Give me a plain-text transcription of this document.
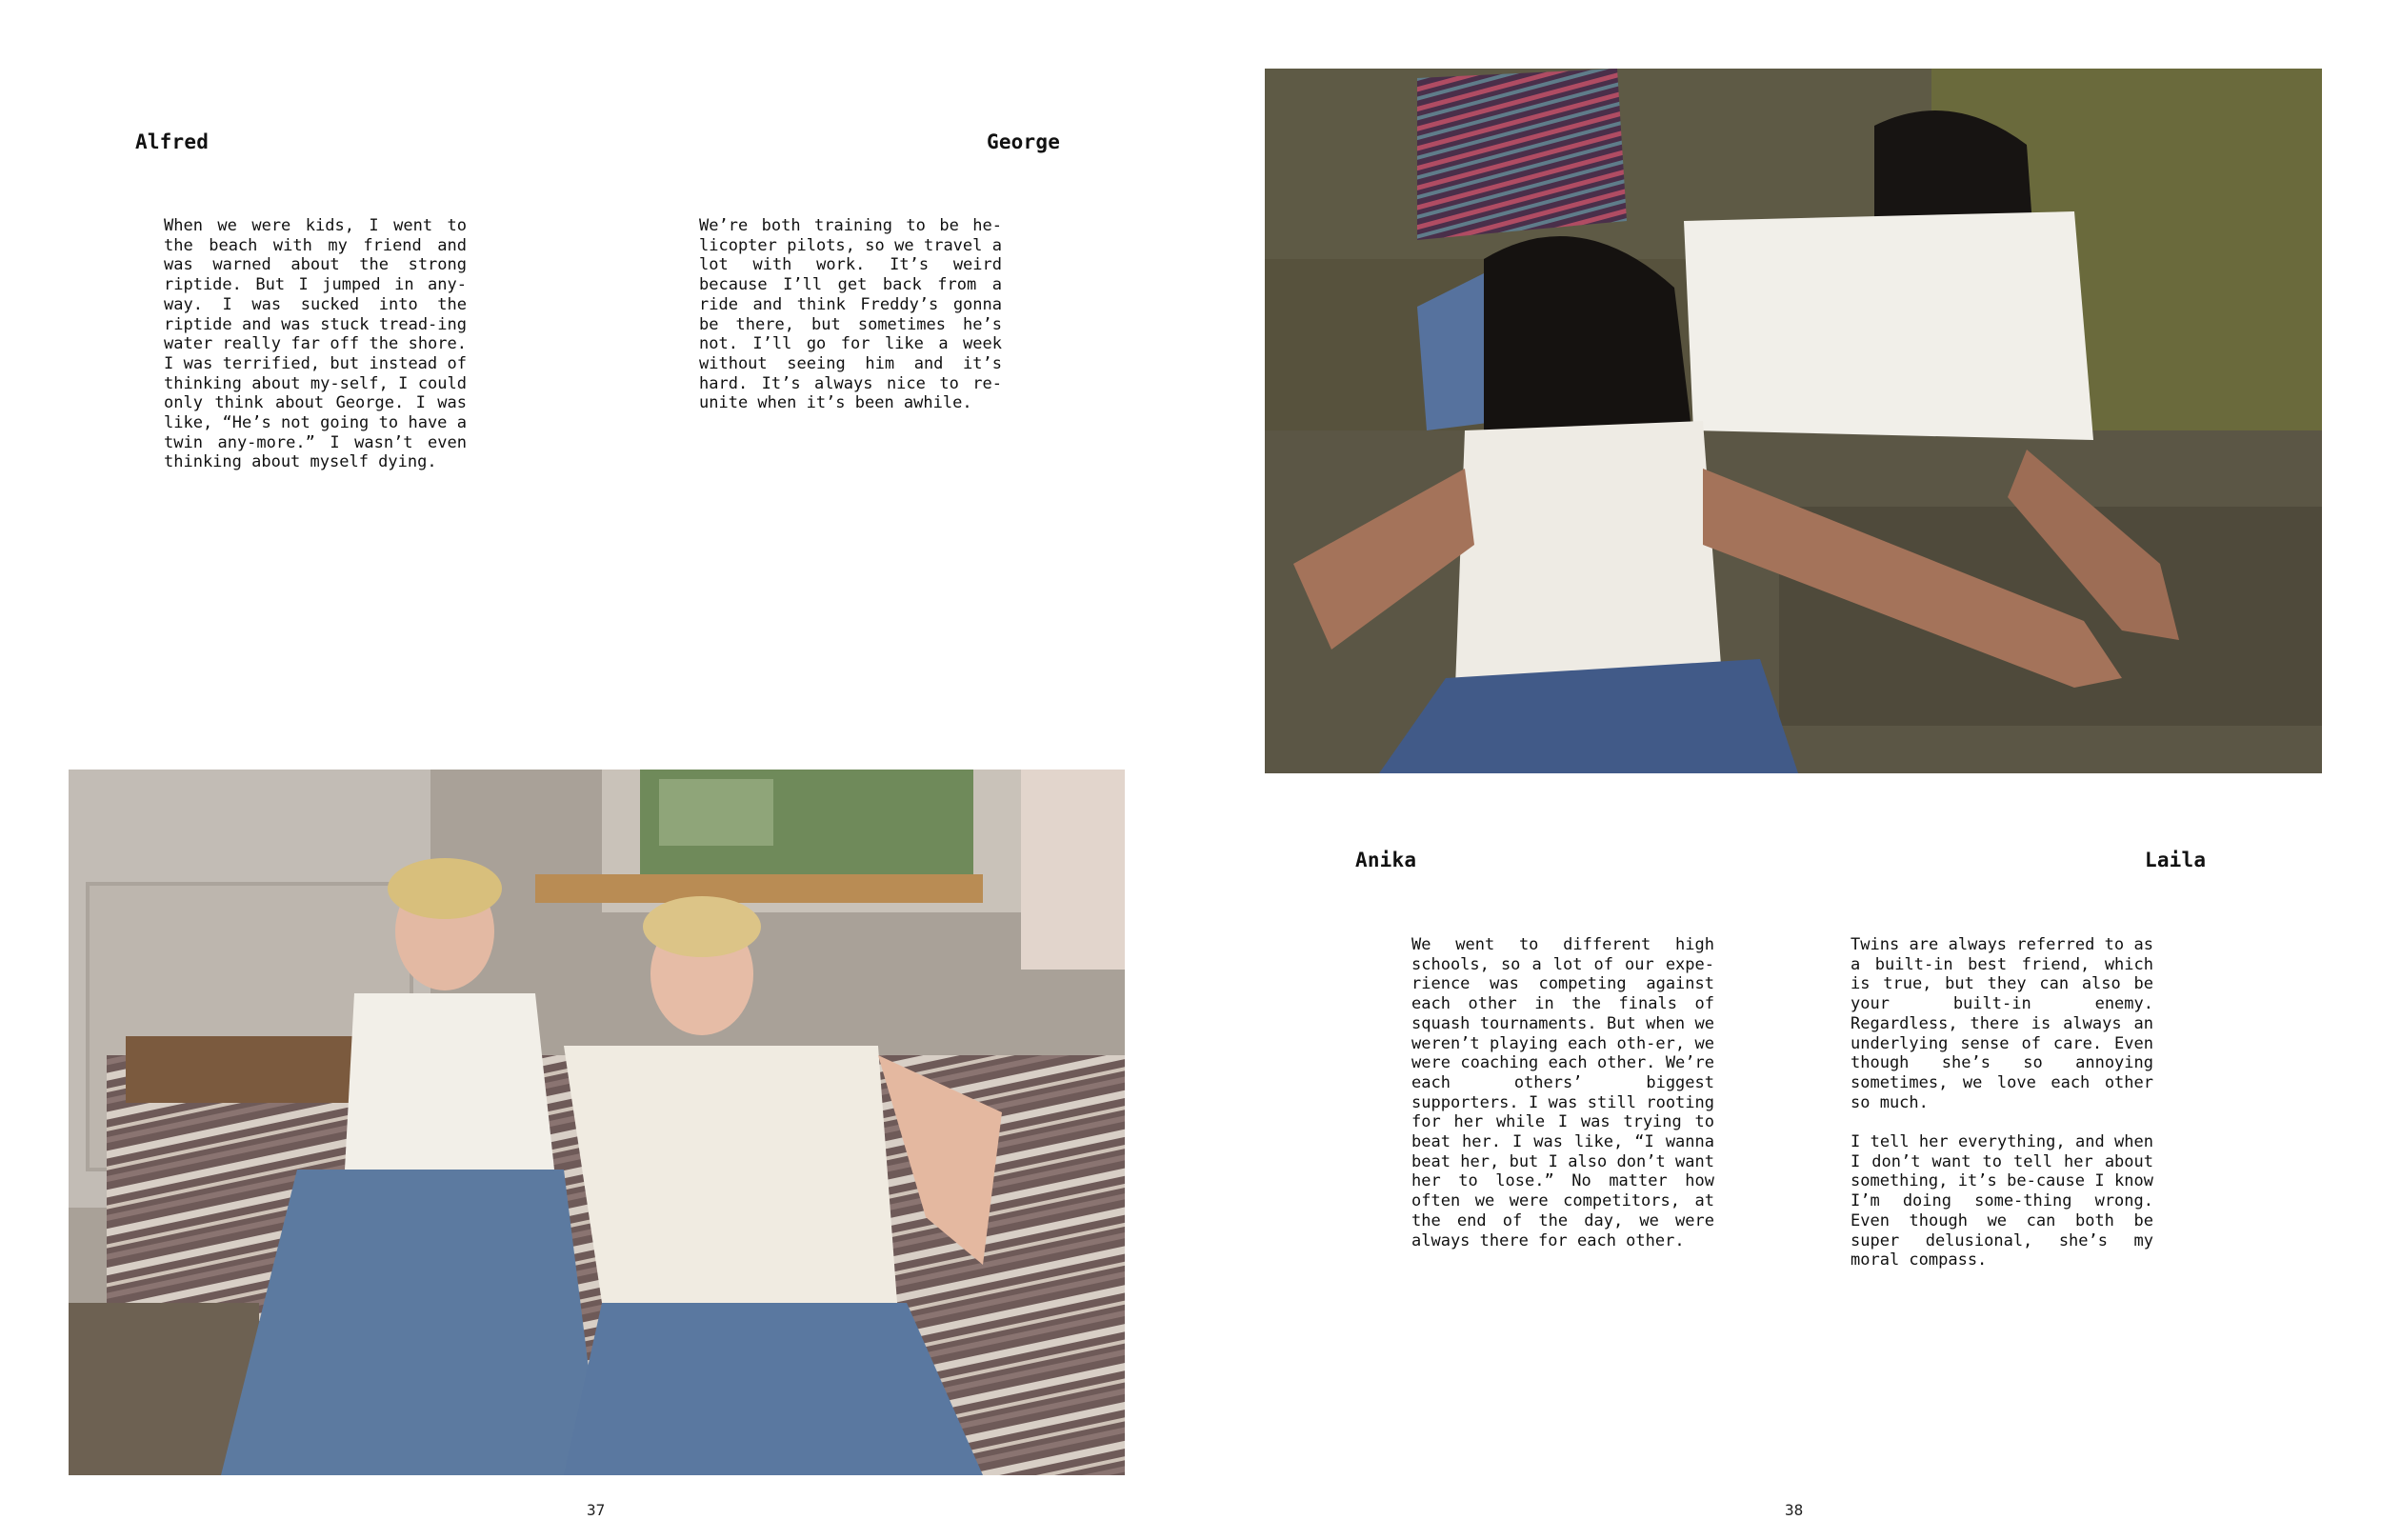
Alfred	George

When we were kids, I went to the beach with my friend and was warned about the strong riptide. But I jumped in any-way. I was sucked into the riptide and was stuck tread-ing water really far off the shore. I was terrified, but instead of thinking about my-self, I could only think about George. I was like, “He’s not going to have a twin any-more.” I wasn’t even thinking about myself dying.

We’re both training to be he-licopter pilots, so we travel a lot with work. It’s weird because I’ll get back from a ride and think Freddy’s gonna be there, but sometimes he’s not. I’ll go for like a week without seeing him and it’s hard. It’s always nice to re-unite when it’s been awhile.

37
Anika	Laila

We went to different high schools, so a lot of our expe-rience was competing against each other in the finals of squash tournaments. But when we weren’t playing each oth-er, we were coaching each other. We’re each others’ biggest supporters. I was still rooting for her while I was trying to beat her. I was like, “I wanna beat her, but I also don’t want her to lose.” No matter how often we were competitors, at the end of the day, we were always there for each other.

Twins are always referred to as a built-in best friend, which is true, but they can also be your built-in enemy. Regardless, there is always an underlying sense of care. Even though she’s so annoying sometimes, we love each other so much.

I tell her everything, and when I don’t want to tell her about something, it’s be-cause I know I’m doing some-thing wrong. Even though we can both be super delusional, she’s my moral compass.

38
